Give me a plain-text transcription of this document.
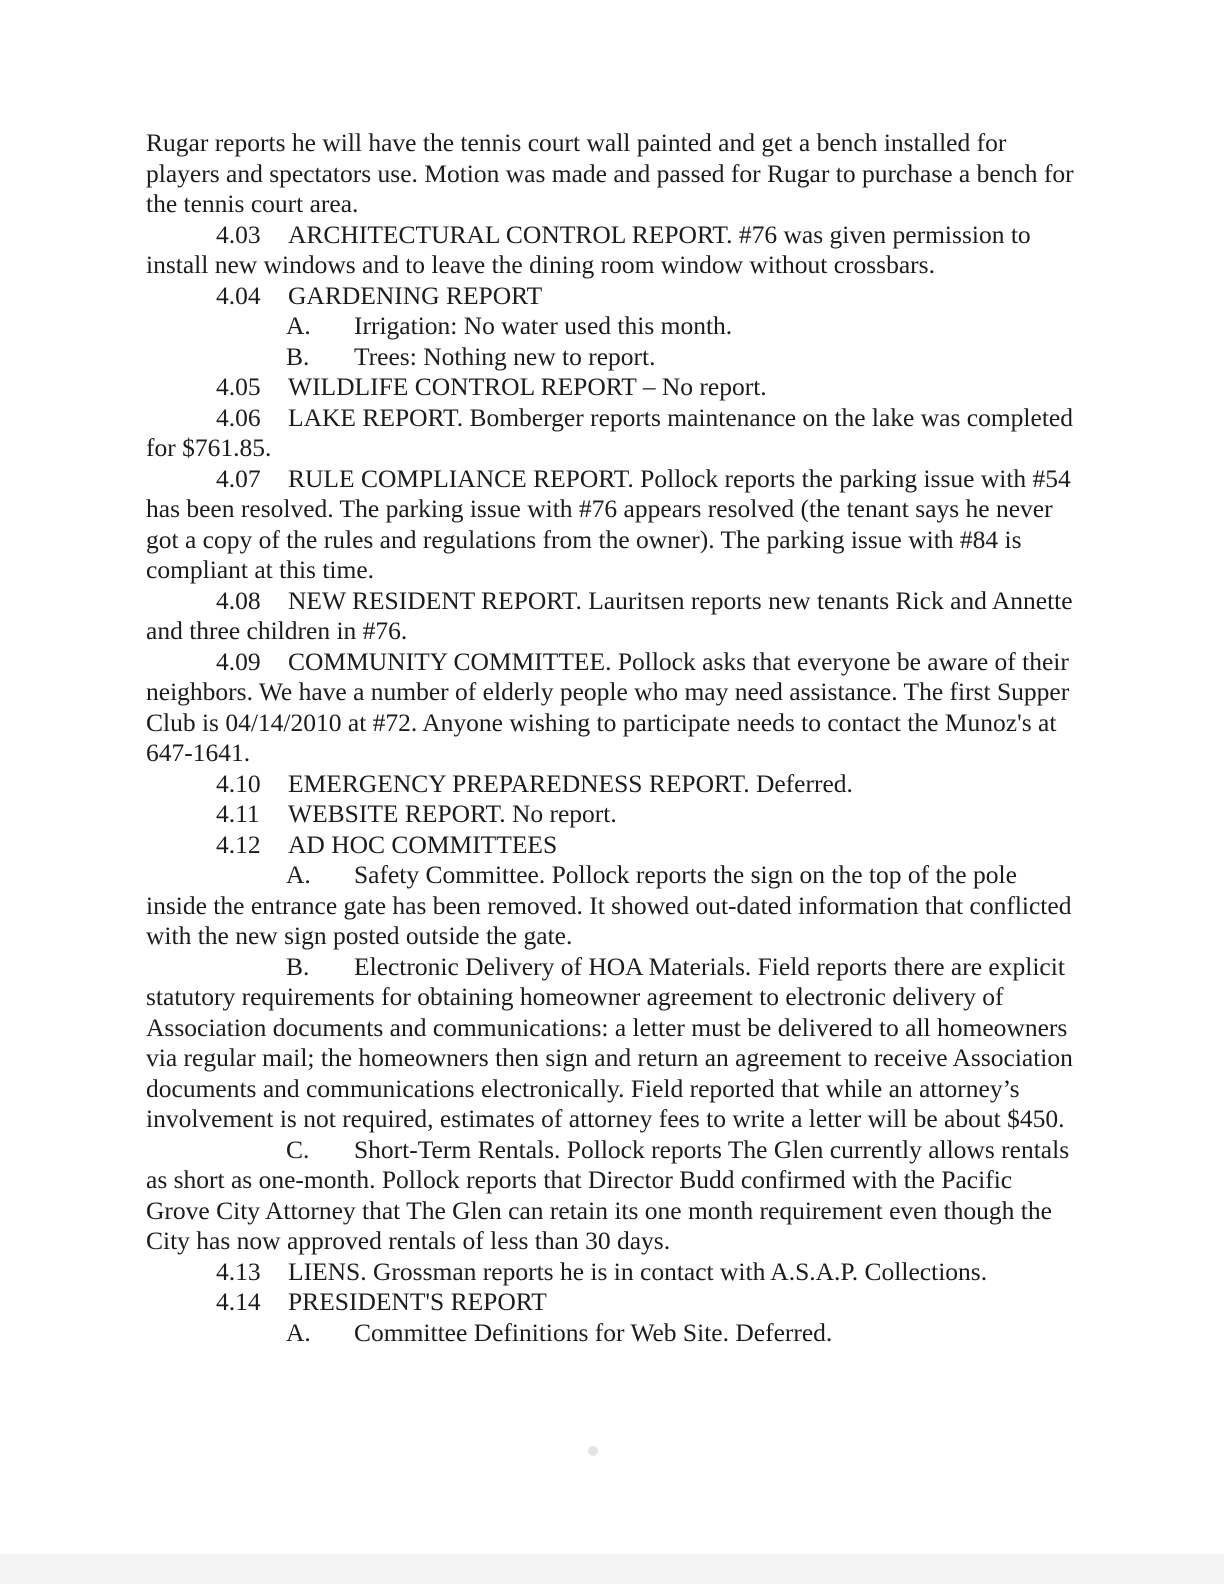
Rugar reports he will have the tennis court wall painted and get a bench installed for players and spectators use. Motion was made and passed for Rugar to purchase a bench for the tennis court area.

4.03 ARCHITECTURAL CONTROL REPORT. #76 was given permission to install new windows and to leave the dining room window without crossbars.

4.04 GARDENING REPORT

A. Irrigation: No water used this month.

B. Trees: Nothing new to report.

4.05 WILDLIFE CONTROL REPORT – No report.

4.06 LAKE REPORT. Bomberger reports maintenance on the lake was completed for $761.85.

4.07 RULE COMPLIANCE REPORT. Pollock reports the parking issue with #54 has been resolved. The parking issue with #76 appears resolved (the tenant says he never got a copy of the rules and regulations from the owner). The parking issue with #84 is compliant at this time.

4.08 NEW RESIDENT REPORT. Lauritsen reports new tenants Rick and Annette and three children in #76.

4.09 COMMUNITY COMMITTEE. Pollock asks that everyone be aware of their neighbors. We have a number of elderly people who may need assistance. The first Supper Club is 04/14/2010 at #72. Anyone wishing to participate needs to contact the Munoz's at 647-1641.

4.10 EMERGENCY PREPAREDNESS REPORT. Deferred.

4.11 WEBSITE REPORT. No report.

4.12 AD HOC COMMITTEES

A. Safety Committee. Pollock reports the sign on the top of the pole inside the entrance gate has been removed. It showed out-dated information that conflicted with the new sign posted outside the gate.

B. Electronic Delivery of HOA Materials. Field reports there are explicit statutory requirements for obtaining homeowner agreement to electronic delivery of Association documents and communications: a letter must be delivered to all homeowners via regular mail; the homeowners then sign and return an agreement to receive Association documents and communications electronically. Field reported that while an attorney’s involvement is not required, estimates of attorney fees to write a letter will be about $450.

C. Short-Term Rentals. Pollock reports The Glen currently allows rentals as short as one-month. Pollock reports that Director Budd confirmed with the Pacific Grove City Attorney that The Glen can retain its one month requirement even though the City has now approved rentals of less than 30 days.

4.13 LIENS. Grossman reports he is in contact with A.S.A.P. Collections.

4.14 PRESIDENT'S REPORT

A. Committee Definitions for Web Site. Deferred.
